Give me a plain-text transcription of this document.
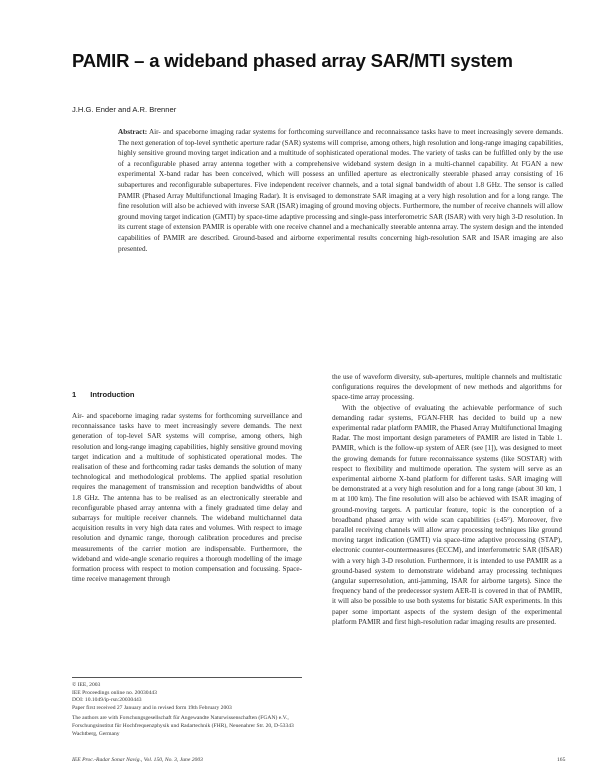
PAMIR – a wideband phased array SAR/MTI system
J.H.G. Ender and A.R. Brenner

Abstract: Air- and spaceborne imaging radar systems for forthcoming surveillance and reconnaissance tasks have to meet increasingly severe demands. The next generation of top-level synthetic aperture radar (SAR) systems will comprise, among others, high resolution and long-range imaging capabilities, highly sensitive ground moving target indication and a multitude of sophisticated operational modes. The variety of tasks can be fulfilled only by the use of a reconfigurable phased array antenna together with a comprehensive wideband system design in a multi-channel capability. At FGAN a new experimental X-band radar has been conceived, which will possess an unfilled aperture as electronically steerable phased array consisting of 16 subapertures and reconfigurable subapertures. Five independent receiver channels, and a total signal bandwidth of about 1.8 GHz. The sensor is called PAMIR (Phased Array Multifunctional Imaging Radar). It is envisaged to demonstrate SAR imaging at a very high resolution and for a long range. The fine resolution will also be achieved with inverse SAR (ISAR) imaging of ground moving objects. Furthermore, the number of receive channels will allow ground moving target indication (GMTI) by space-time adaptive processing and single-pass interferometric SAR (ISAR) with very high 3-D resolution. In its current stage of extension PAMIR is operable with one receive channel and a mechanically steerable antenna array. The system design and the intended capabilities of PAMIR are described. Ground-based and airborne experimental results concerning high-resolution SAR and ISAR imaging are also presented.

1 Introduction

Air- and spaceborne imaging radar systems for forthcoming surveillance and reconnaissance tasks have to meet increasingly severe demands. The next generation of top-level SAR systems will comprise, among others, high resolution and long-range imaging capabilities, highly sensitive ground moving target indication and a multitude of sophisticated operational modes. The realisation of these and forthcoming radar tasks demands the solution of many technological and methodological problems. The applied spatial resolution requires the management of transmission and reception bandwidths of about 1.8 GHz. The antenna has to be realised as an electronically steerable and reconfigurable phased array antenna with a finely graduated time delay and subarrays for multiple receiver channels. The wideband multichannel data acquisition results in very high data rates and volumes. With respect to image resolution and dynamic range, thorough calibration procedures and precise measurements of the carrier motion are indispensable. Furthermore, the wideband and wide-angle scenario requires a thorough modelling of the image formation process with respect to motion compensation and focussing. Space-time receive management through

the use of waveform diversity, sub-apertures, multiple channels and multistatic configurations requires the development of new methods and algorithms for space-time array processing.

With the objective of evaluating the achievable performance of such demanding radar systems, FGAN-FHR has decided to build up a new experimental radar platform PAMIR, the Phased Array Multifunctional Imaging Radar. The most important design parameters of PAMIR are listed in Table 1. PAMIR, which is the follow-up system of AER (see [1]), was designed to meet the growing demands for future reconnaissance systems (like SOSTAR) with respect to flexibility and multimode operation. The system will serve as an experimental airborne X-band platform for different tasks. SAR imaging will be demonstrated at a very high resolution and for a long range (about 30 km, 1 m at 100 km). The fine resolution will also be achieved with ISAR imaging of ground-moving targets. A particular feature, topic is the conception of a broadband phased array with wide scan capabilities (±45°). Moreover, five parallel receiving channels will allow array processing techniques like ground moving target indication (GMTI) via space-time adaptive processing (STAP), electronic counter-countermeasures (ECCM), and interferometric SAR (IfSAR) with a very high 3-D resolution. Furthermore, it is intended to use PAMIR as a ground-based system to demonstrate wideband array processing techniques (angular superresolution, anti-jamming, ISAR for airborne targets). Since the frequency band of the predecessor system AER-II is covered in that of PAMIR, it will also be possible to use both systems for bistatic SAR experiments. In this paper some important aspects of the system design of the experimental platform PAMIR and first high-resolution radar imaging results are presented.

© IEE, 2003
IEE Proceedings online no. 20030443
DOI: 10.1049/ip-rsn:20030443
Paper first received 27 January and in revised form 19th February 2003
The authors are with Forschungsgesellschaft für Angewandte Naturwissenschaften (FGAN) e.V., Forschungsinstitut für Hochfrequenzphysik und Radartechnik (FHR), Neuenahrer Str. 20, D-53343 Wachtberg, Germany
IEE Proc.-Radar Sonar Navig., Vol. 150, No. 3, June 2003	165
